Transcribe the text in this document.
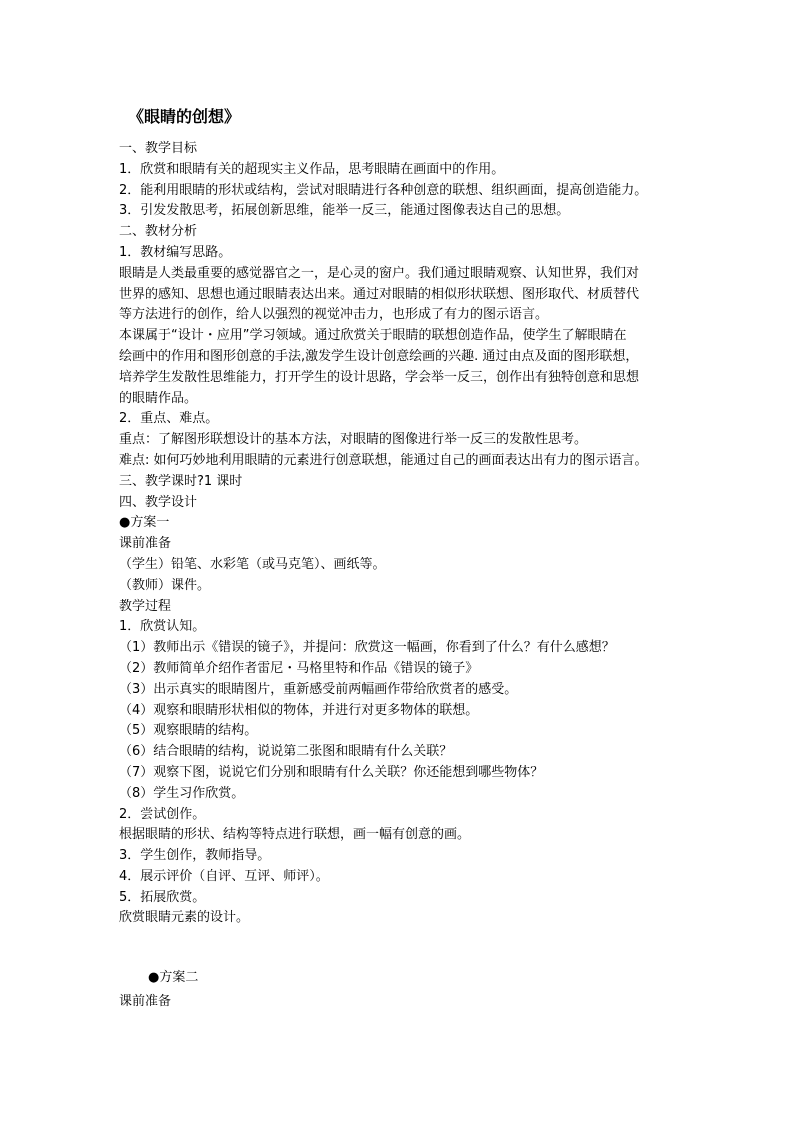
《眼睛的创想》
一、教学目标
1．欣赏和眼睛有关的超现实主义作品，思考眼睛在画面中的作用。
2．能利用眼睛的形状或结构，尝试对眼睛进行各种创意的联想、组织画面，提高创造能力。
3．引发发散思考，拓展创新思维，能举一反三，能通过图像表达自己的思想。
二、教材分析
1．教材编写思路。
眼睛是人类最重要的感觉器官之一，是心灵的窗户。我们通过眼睛观察、认知世界，我们对
世界的感知、思想也通过眼睛表达出来。通过对眼睛的相似形状联想、图形取代、材质替代
等方法进行的创作，给人以强烈的视觉冲击力，也形成了有力的图示语言。
本课属于“设计・应用”学习领域。通过欣赏关于眼睛的联想创造作品，使学生了解眼睛在
绘画中的作用和图形创意的手法,激发学生设计创意绘画的兴趣. 通过由点及面的图形联想，
培养学生发散性思维能力，打开学生的设计思路，学会举一反三，创作出有独特创意和思想
的眼睛作品。
2．重点、难点。
重点：了解图形联想设计的基本方法，对眼睛的图像进行举一反三的发散性思考。
难点: 如何巧妙地利用眼睛的元素进行创意联想，能通过自己的画面表达出有力的图示语言。
三、教学课时?1 课时
四、教学设计
●方案一
课前准备
（学生）铅笔、水彩笔（或马克笔）、画纸等。
（教师）课件。
教学过程
1．欣赏认知。
（1）教师出示《错误的镜子》，并提问：欣赏这一幅画，你看到了什么？有什么感想？
（2）教师简单介绍作者雷尼・马格里特和作品《错误的镜子》
（3）出示真实的眼睛图片，重新感受前两幅画作带给欣赏者的感受。
（4）观察和眼睛形状相似的物体，并进行对更多物体的联想。
（5）观察眼睛的结构。
（6）结合眼睛的结构，说说第二张图和眼睛有什么关联？
（7）观察下图，说说它们分别和眼睛有什么关联？你还能想到哪些物体？
（8）学生习作欣赏。
2．尝试创作。
根据眼睛的形状、结构等特点进行联想，画一幅有创意的画。
3．学生创作，教师指导。
4．展示评价（自评、互评、师评）。
5．拓展欣赏。
欣赏眼睛元素的设计。
●方案二
课前准备
